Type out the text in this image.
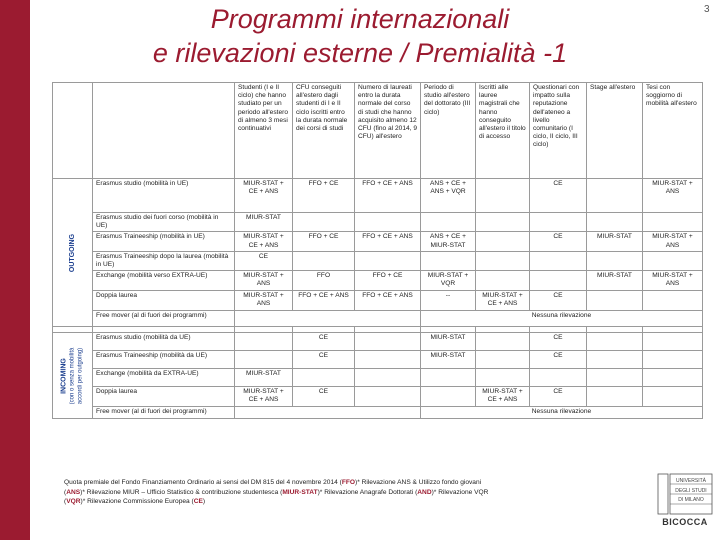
3
Programmi internazionali
e rilevazioni esterne / Premialità -1
		Studenti (I e II ciclo) che hanno studiato per un periodo all'estero di almeno 3 mesi continuativi	CFU conseguiti all'estero dagli studenti di I e II ciclo iscritti entro la durata normale dei corsi di studi	Numero di laureati entro la durata normale del corso di studi che hanno acquisito almeno 12 CFU (fino al 2014, 9 CFU) all'estero	Periodo di studio all'estero del dottorato (III ciclo)	Iscritti alle lauree magistrali che hanno conseguito all'estero il titolo di accesso	Questionari con impatto sulla reputazione dell'ateneo a livello comunitario (I ciclo, II ciclo, III ciclo)	Stage all'estero	Tesi con soggiorno di mobilità all'estero

OUTGOING	Erasmus studio (mobilità in UE)	MIUR-STAT + CE + ANS	FFO + CE	FFO + CE + ANS	ANS + CE + ANS + VQR		CE		MIUR-STAT + ANS
	Erasmus studio dei fuori corso (mobilità in UE)	MIUR-STAT							
	Erasmus Traineeship (mobilità in UE)	MIUR-STAT + CE + ANS	FFO + CE	FFO + CE + ANS	ANS + CE + MIUR-STAT		CE	MIUR-STAT	MIUR-STAT + ANS
	Erasmus Traineeship dopo la laurea (mobilità in UE)	CE							
	Exchange (mobilità verso EXTRA-UE)	MIUR-STAT + ANS	FFO	FFO + CE	MIUR-STAT + VQR			MIUR-STAT	MIUR-STAT + ANS
	Doppia laurea	MIUR-STAT + ANS	FFO + CE + ANS	FFO + CE + ANS	--	MIUR-STAT + CE + ANS	CE		
	Free mover (al di fuori dei programmi)				Nessuna rilevazione				

INCOMING (con o senza mobilità accordi per outgoing)	Erasmus studio (mobilità da UE)		CE		MIUR-STAT		CE		
	Erasmus Traineeship (mobilità da UE)		CE		MIUR-STAT		CE		
	Exchange (mobilità da EXTRA-UE)	MIUR-STAT							
	Doppia laurea	MIUR-STAT + CE + ANS	CE			MIUR-STAT + CE + ANS	CE		
	Free mover (al di fuori dei programmi)				Nessuna rilevazione				
Quota premiale del Fondo Finanziamento Ordinario ai sensi del DM 815 del 4 novembre 2014 (FFO)* Rilevazione ANS & Utilizzo fondo giovani
(ANS)* Rilevazione MIUR – Ufficio Statistico & contribuzione studentesca (MIUR-STAT)* Rilevazione Anagrafe Dottorati (AND)* Rilevazione VQR
(VQR)* Rilevazione Commissione Europea (CE)
UNIVERSITÀ
DEGLI STUDI
DI MILANO
BICOCCA
